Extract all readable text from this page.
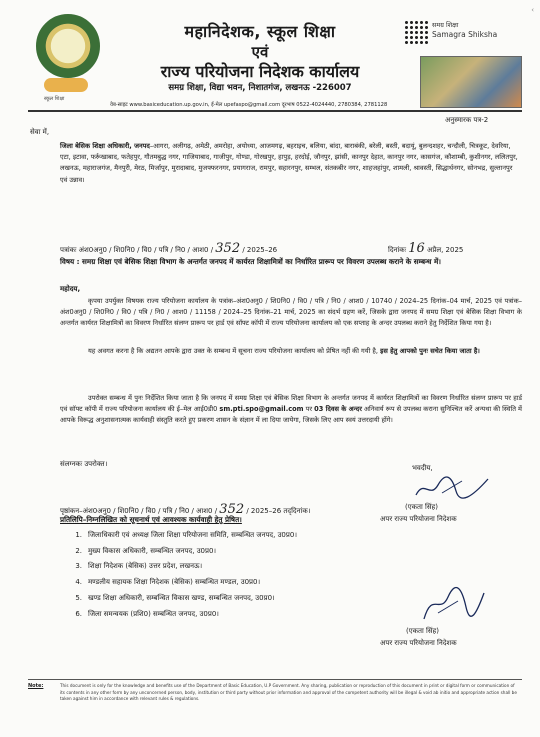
‹
स्कूल शिक्षा
समग्र शिक्षा
Samagra Shiksha
महानिदेशक, स्कूल शिक्षा
एवं
राज्य परियोजना निदेशक कार्यालय
समग्र शिक्षा, विद्या भवन, निशातगंज, लखनऊ -226007
वेब-साइट www.basiceducation.up.gov.in, ई-मेल upefaspo@gmail.com दूरभाष 0522-4024440, 2780384, 2781128
अनुस्मारक पत्र-2
सेवा में,
जिला बेसिक शिक्षा अधिकारी, जनपद–आगरा, अलीगढ़, अमेठी, अमरोहा, अयोध्या, आजमगढ़, बहराइच, बलिया, बांदा, बाराबंकी, बरेली, बस्ती, बदायूं, बुलन्दशहर, चन्दौली, चित्रकूट, देवरिया, एटा, इटावा, फर्रूखाबाद, फतेहपुर, गौतमबुद्ध नगर, गाजियाबाद, गाजीपुर, गोण्डा, गोरखपुर, हापुड़, हरदोई, जौनपुर, झांसी, कानपुर देहात, कानपुर नगर, कासगंज, कौशाम्बी, कुशीनगर, ललितपुर, लखनऊ, महाराजगंज, मैनपुरी, मेरठ, मिर्जापुर, मुरादाबाद, मुजफ्फरनगर, प्रयागराज, रामपुर, सहारनपुर, सम्भल, संतकबीर नगर, शाहजहांपुर, शामली, श्रावस्ती, सिद्धार्थनगर, सोनभद्र, सुल्तानपुर एवं उन्नाव।
पत्रांकः अंश0अनु0 / शि0नि0 / वि0 / पत्रि / नि0 / आश0 / 352 / 2025–26	दिनांकः 16 अप्रैल, 2025
विषय : समग्र शिक्षा एवं बेसिक शिक्षा विभाग के अन्तर्गत जनपद में कार्यरत शिक्षामित्रों का निर्धारित प्रारूप पर विवरण उपलब्ध कराने के सम्बन्ध में।
महोदय,
कृपया उपर्युक्त विषयक राज्य परियोजना कार्यालय के पत्रांक–अंश0अनु0 / शि0नि0 / वि0 / पत्रि / नि0 / आश0 / 10740 / 2024–25 दिनांक–04 मार्च, 2025 एवं पत्रांक–अंश0अनु0 / शि0नि0 / वि0 / पत्रि / नि0 / आश0 / 11158 / 2024–25 दिनांक–21 मार्च, 2025 का संदर्भ ग्रहण करें, जिसके द्वारा जनपद में समग्र शिक्षा एवं बेसिक शिक्षा विभाग के अन्तर्गत कार्यरत शिक्षामित्रों का विवरण निर्धारित संलग्न प्रारूप पर हार्ड एवं सॉफ्ट कॉपी में राज्य परियोजना कार्यालय को एक सप्ताह के अन्दर उपलब्ध कराने हेतु निर्देशित किया गया है।
यह अवगत करना है कि अद्यतन आपके द्वारा उक्त के सम्बन्ध में सूचना राज्य परियोजना कार्यालय को प्रेषित नहीं की गयी है, इस हेतु आपको पुनः सचेत किया जाता है।
उपरोक्त सम्बन्ध में पुनः निर्देशित किया जाता है कि जनपद में समग्र शिक्षा एवं बेसिक शिक्षा विभाग के अन्तर्गत जनपद में कार्यरत शिक्षामित्रों का विवरण निर्धारित संलग्न प्रारूप पर हार्ड एवं सॉफ्ट कॉपी में राज्य परियोजना कार्यालय की ई–मेल आई0डी0 sm.pti.spo@gmail.com पर 03 दिवस के अन्दर अनिवार्य रूप से उपलब्ध कराना सुनिश्चित करें अन्यथा की स्थिति में आपके विरूद्ध अनुशासनात्मक कार्यवाही संस्तुति करते हुए प्रकरण शासन के संज्ञान में ला दिया जायेगा, जिसके लिए आप स्वयं उत्तरदायी होंगे।
संलग्नकः उपरोक्त।	भवदीय,
(एकता सिंह)
अपर राज्य परियोजना निदेशक
पृष्ठांकन–अंश0अनु0 / शि0नि0 / वि0 / पत्रि / नि0 / आश0 / 352 / 2025–26 तद्‌दिनांक।
प्रतिलिपि–निम्नलिखित को सूचनार्थ एवं आवश्यक कार्यवाही हेतु प्रेषित।
1. जिलाधिकारी एवं अध्यक्ष जिला शिक्षा परियोजना समिति, सम्बन्धित जनपद, उ0प्र0।
2. मुख्य विकास अधिकारी, सम्बन्धित जनपद, उ0प्र0।
3. शिक्षा निदेशक (बेसिक) उत्तर प्रदेश, लखनऊ।
4. मण्डलीय सहायक शिक्षा निदेशक (बेसिक) सम्बन्धित मण्डल, उ0प्र0।
5. खण्ड शिक्षा अधिकारी, सम्बन्धित विकास खण्ड, सम्बन्धित जनपद, उ0प्र0।
6. जिला समन्वयक (प्रशि0) सम्बन्धित जनपद, उ0प्र0।
(एकता सिंह)
अपर राज्य परियोजना निदेशक
Note:	This document is only for the knowledge and benefits use of the Department of Basic Education, U.P Government. Any sharing, publication or reproduction of this document in print or digital form or communication of its contents in any other form by any unconcerned person, body, institution or third party without prior information and approval of the competent authority will be illegal & void ab initio and appropriate action shall be taken against him in accordance with relevant rules & regulations.
